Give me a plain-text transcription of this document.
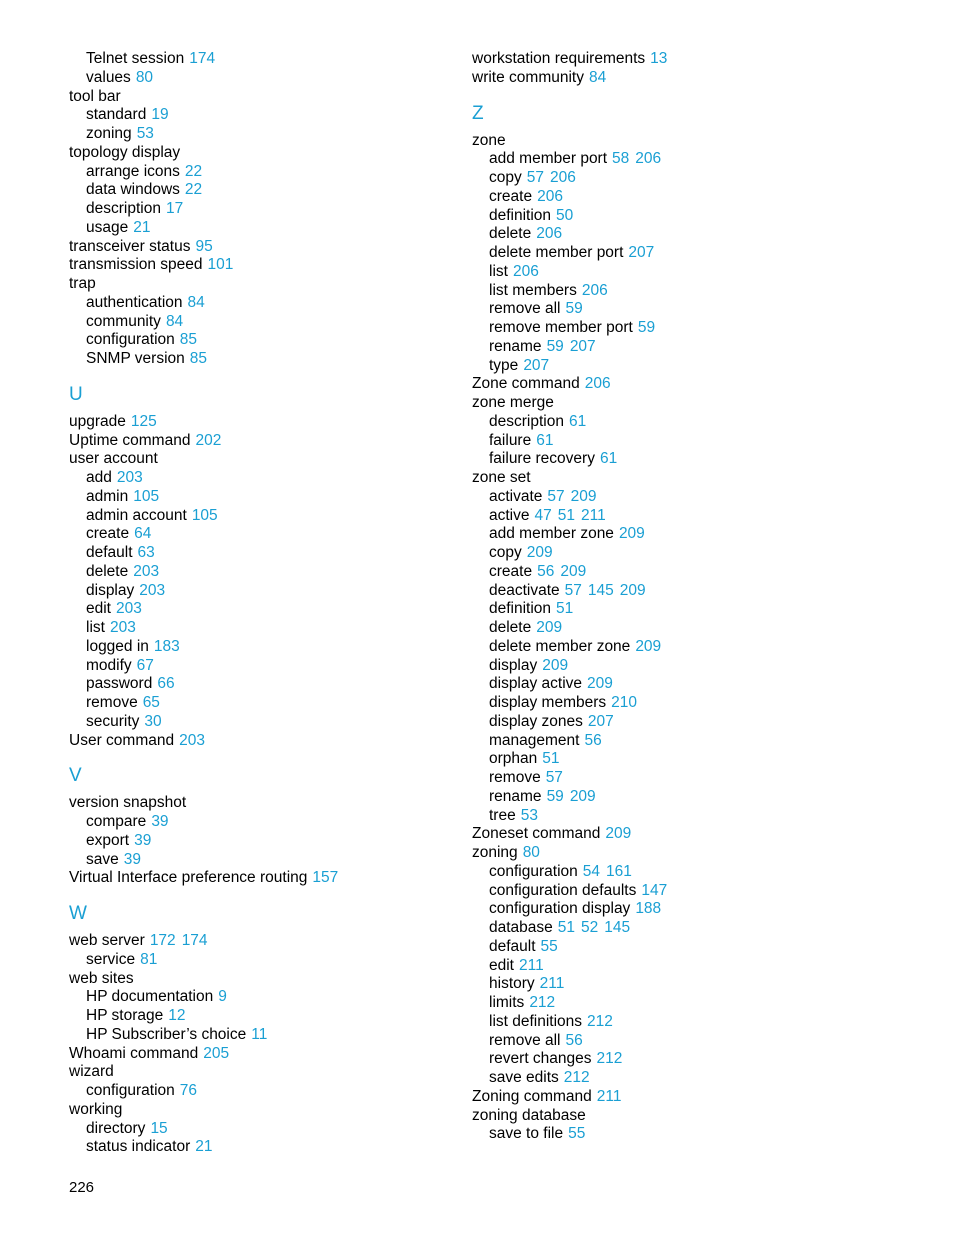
Telnet session 174
values 80
tool bar
standard 19
zoning 53
topology display
arrange icons 22
data windows 22
description 17
usage 21
transceiver status 95
transmission speed 101
trap
authentication 84
community 84
configuration 85
SNMP version 85
U
upgrade 125
Uptime command 202
user account
add 203
admin 105
admin account 105
create 64
default 63
delete 203
display 203
edit 203
list 203
logged in 183
modify 67
password 66
remove 65
security 30
User command 203
V
version snapshot
compare 39
export 39
save 39
Virtual Interface preference routing 157
W
web server 172 174
service 81
web sites
HP documentation 9
HP storage 12
HP Subscriber’s choice 11
Whoami command 205
wizard
configuration 76
working
directory 15
status indicator 21
workstation requirements 13
write community 84
Z
zone
add member port 58 206
copy 57 206
create 206
definition 50
delete 206
delete member port 207
list 206
list members 206
remove all 59
remove member port 59
rename 59 207
type 207
Zone command 206
zone merge
description 61
failure 61
failure recovery 61
zone set
activate 57 209
active 47 51 211
add member zone 209
copy 209
create 56 209
deactivate 57 145 209
definition 51
delete 209
delete member zone 209
display 209
display active 209
display members 210
display zones 207
management 56
orphan 51
remove 57
rename 59 209
tree 53
Zoneset command 209
zoning 80
configuration 54 161
configuration defaults 147
configuration display 188
database 51 52 145
default 55
edit 211
history 211
limits 212
list definitions 212
remove all 56
revert changes 212
save edits 212
Zoning command 211
zoning database
save to file 55
226
